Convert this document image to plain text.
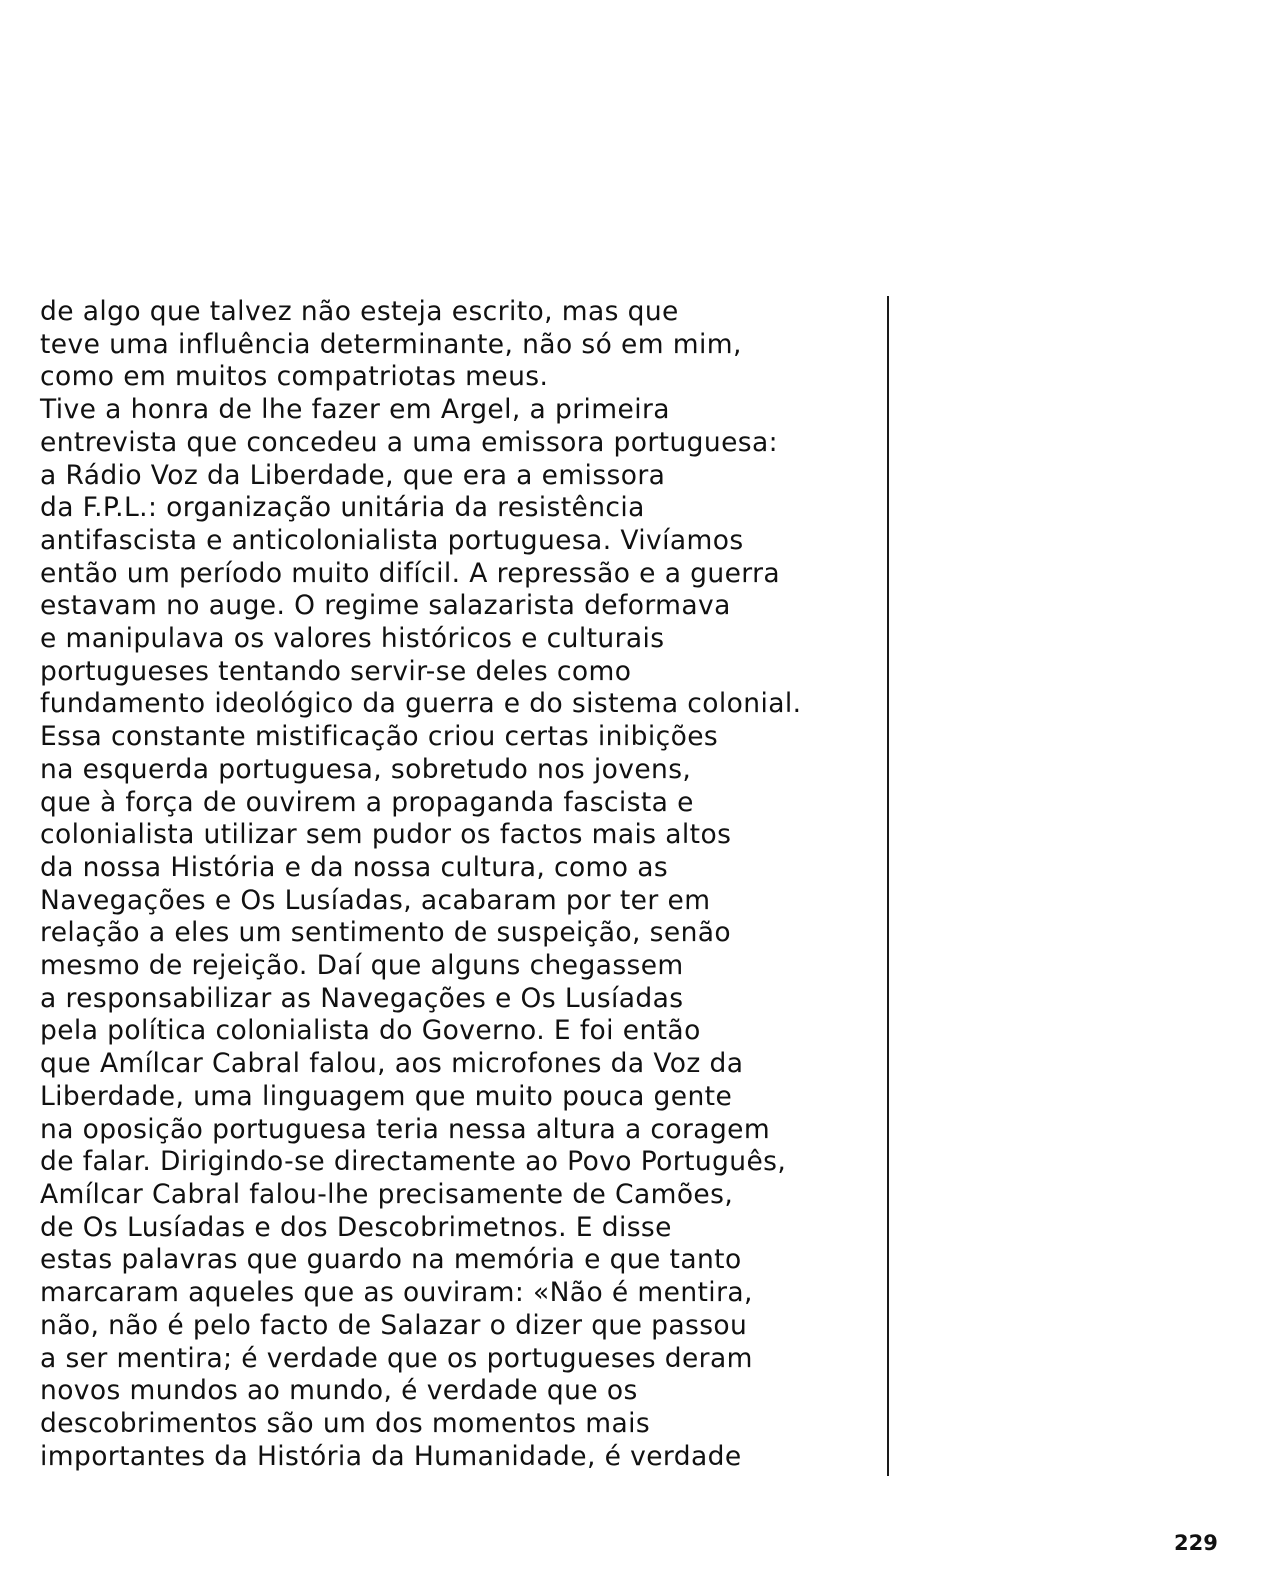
de algo que talvez não esteja escrito, mas que
teve uma influência determinante, não só em mim,
como em muitos compatriotas meus.
Tive a honra de lhe fazer em Argel, a primeira
entrevista que concedeu a uma emissora portuguesa:
a Rádio Voz da Liberdade, que era a emissora
da F.P.L.: organização unitária da resistência
antifascista e anticolonialista portuguesa. Vivíamos
então um período muito difícil. A repressão e a guerra
estavam no auge. O regime salazarista deformava
e manipulava os valores históricos e culturais
portugueses tentando servir-se deles como
fundamento ideológico da guerra e do sistema colonial.
Essa constante mistificação criou certas inibições
na esquerda portuguesa, sobretudo nos jovens,
que à força de ouvirem a propaganda fascista e
colonialista utilizar sem pudor os factos mais altos
da nossa História e da nossa cultura, como as
Navegações e Os Lusíadas, acabaram por ter em
relação a eles um sentimento de suspeição, senão
mesmo de rejeição. Daí que alguns chegassem
a responsabilizar as Navegações e Os Lusíadas
pela política colonialista do Governo. E foi então
que Amílcar Cabral falou, aos microfones da Voz da
Liberdade, uma linguagem que muito pouca gente
na oposição portuguesa teria nessa altura a coragem
de falar. Dirigindo-se directamente ao Povo Português,
Amílcar Cabral falou-lhe precisamente de Camões,
de Os Lusíadas e dos Descobrimetnos. E disse
estas palavras que guardo na memória e que tanto
marcaram aqueles que as ouviram: «Não é mentira,
não, não é pelo facto de Salazar o dizer que passou
a ser mentira; é verdade que os portugueses deram
novos mundos ao mundo, é verdade que os
descobrimentos são um dos momentos mais
importantes da História da Humanidade, é verdade
229
